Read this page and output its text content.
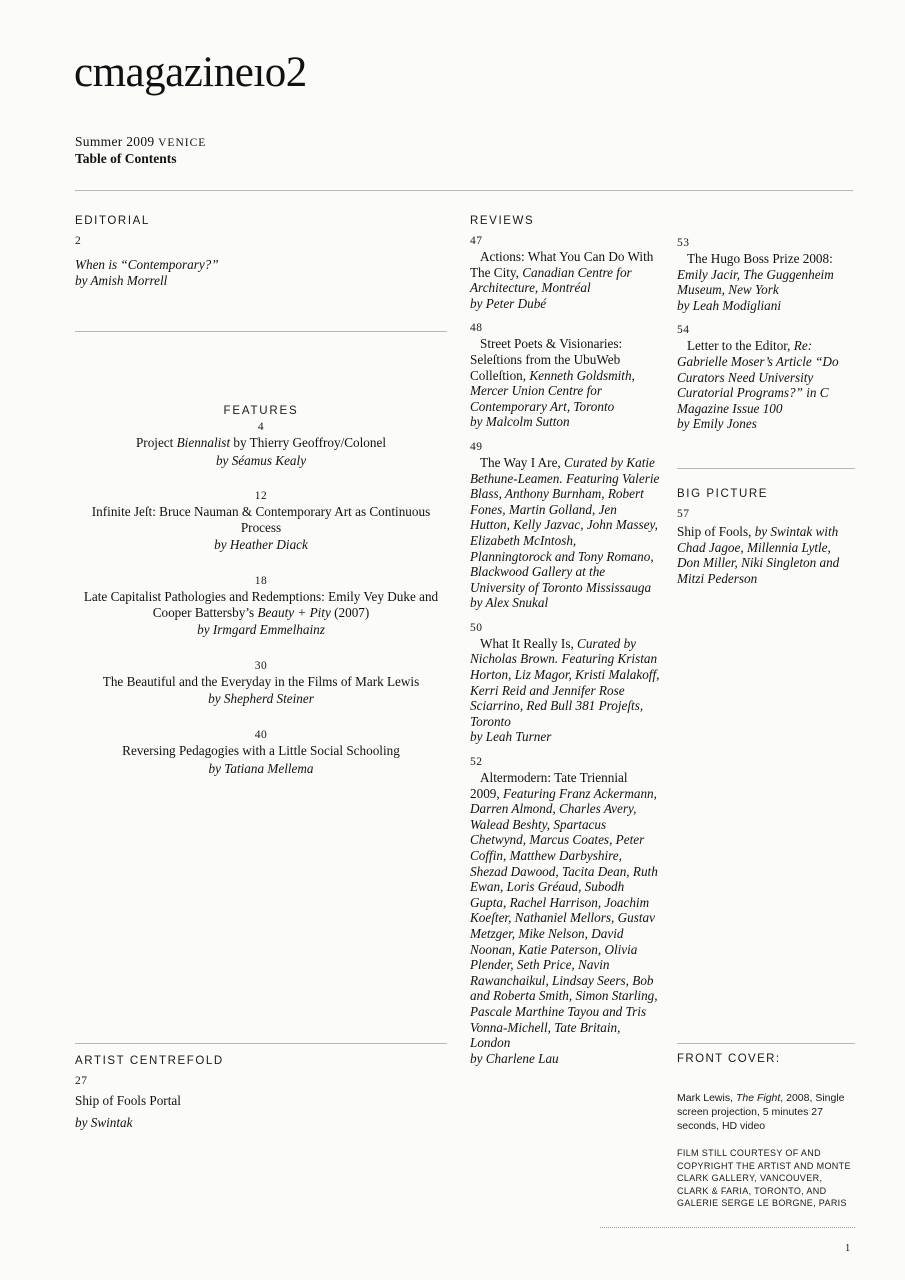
cmagazineıo2
Summer 2009 VENICE
Table of Contents
EDITORIAL
2
When is “Contemporary?”
by Amish Morrell
FEATURES
4
Project Biennalist by Thierry Geoffroy/Colonel
by Séamus Kealy
12
Infinite Jeſt: Bruce Nauman & Contemporary Art as Continuous Process
by Heather Diack
18
Late Capitalist Pathologies and Redemptions: Emily Vey Duke and Cooper Battersby’s Beauty + Pity (2007)
by Irmgard Emmelhainz
30
The Beautiful and the Everyday in the Films of Mark Lewis
by Shepherd Steiner
40
Reversing Pedagogies with a Little Social Schooling
by Tatiana Mellema
ARTIST CENTREFOLD
27
Ship of Fools Portal
by Swintak
REVIEWS
47
Actions: What You Can Do With The City, Canadian Centre for Architecture, Montréal
by Peter Dubé
48
Street Poets & Visionaries: Seleſtions from the UbuWeb Colleſtion, Kenneth Goldsmith, Mercer Union Centre for Contemporary Art, Toronto
by Malcolm Sutton
49
The Way I Are, Curated by Katie Bethune-Leamen. Featuring Valerie Blass, Anthony Burnham, Robert Fones, Martin Golland, Jen Hutton, Kelly Jazvac, John Massey, Elizabeth McIntosh, Planningtorock and Tony Romano, Blackwood Gallery at the University of Toronto Mississauga
by Alex Snukal
50
What It Really Is, Curated by Nicholas Brown. Featuring Kristan Horton, Liz Magor, Kristi Malakoff, Kerri Reid and Jennifer Rose Sciarrino, Red Bull 381 Projeſts, Toronto
by Leah Turner
52
Altermodern: Tate Triennial 2009, Featuring Franz Ackermann, Darren Almond, Charles Avery, Walead Beshty, Spartacus Chetwynd, Marcus Coates, Peter Coffin, Matthew Darbyshire, Shezad Dawood, Tacita Dean, Ruth Ewan, Loris Gréaud, Subodh Gupta, Rachel Harrison, Joachim Koeſter, Nathaniel Mellors, Gustav Metzger, Mike Nelson, David Noonan, Katie Paterson, Olivia Plender, Seth Price, Navin Rawanchaikul, Lindsay Seers, Bob and Roberta Smith, Simon Starling, Pascale Marthine Tayou and Tris Vonna-Michell, Tate Britain, London
by Charlene Lau
53
The Hugo Boss Prize 2008: Emily Jacir, The Guggenheim Museum, New York
by Leah Modigliani
54
Letter to the Editor, Re: Gabrielle Moser’s Article “Do Curators Need University Curatorial Programs?” in C Magazine Issue 100
by Emily Jones
BIG PICTURE
57
Ship of Fools, by Swintak with Chad Jagoe, Millennia Lytle, Don Miller, Niki Singleton and Mitzi Pederson
FRONT COVER:
Mark Lewis, The Fight, 2008, Single screen projection, 5 minutes 27 seconds, HD video
FILM STILL COURTESY OF AND COPYRIGHT THE ARTIST AND MONTE CLARK GALLERY, VANCOUVER, CLARK & FARIA, TORONTO, AND GALERIE SERGE LE BORGNE, PARIS
1
